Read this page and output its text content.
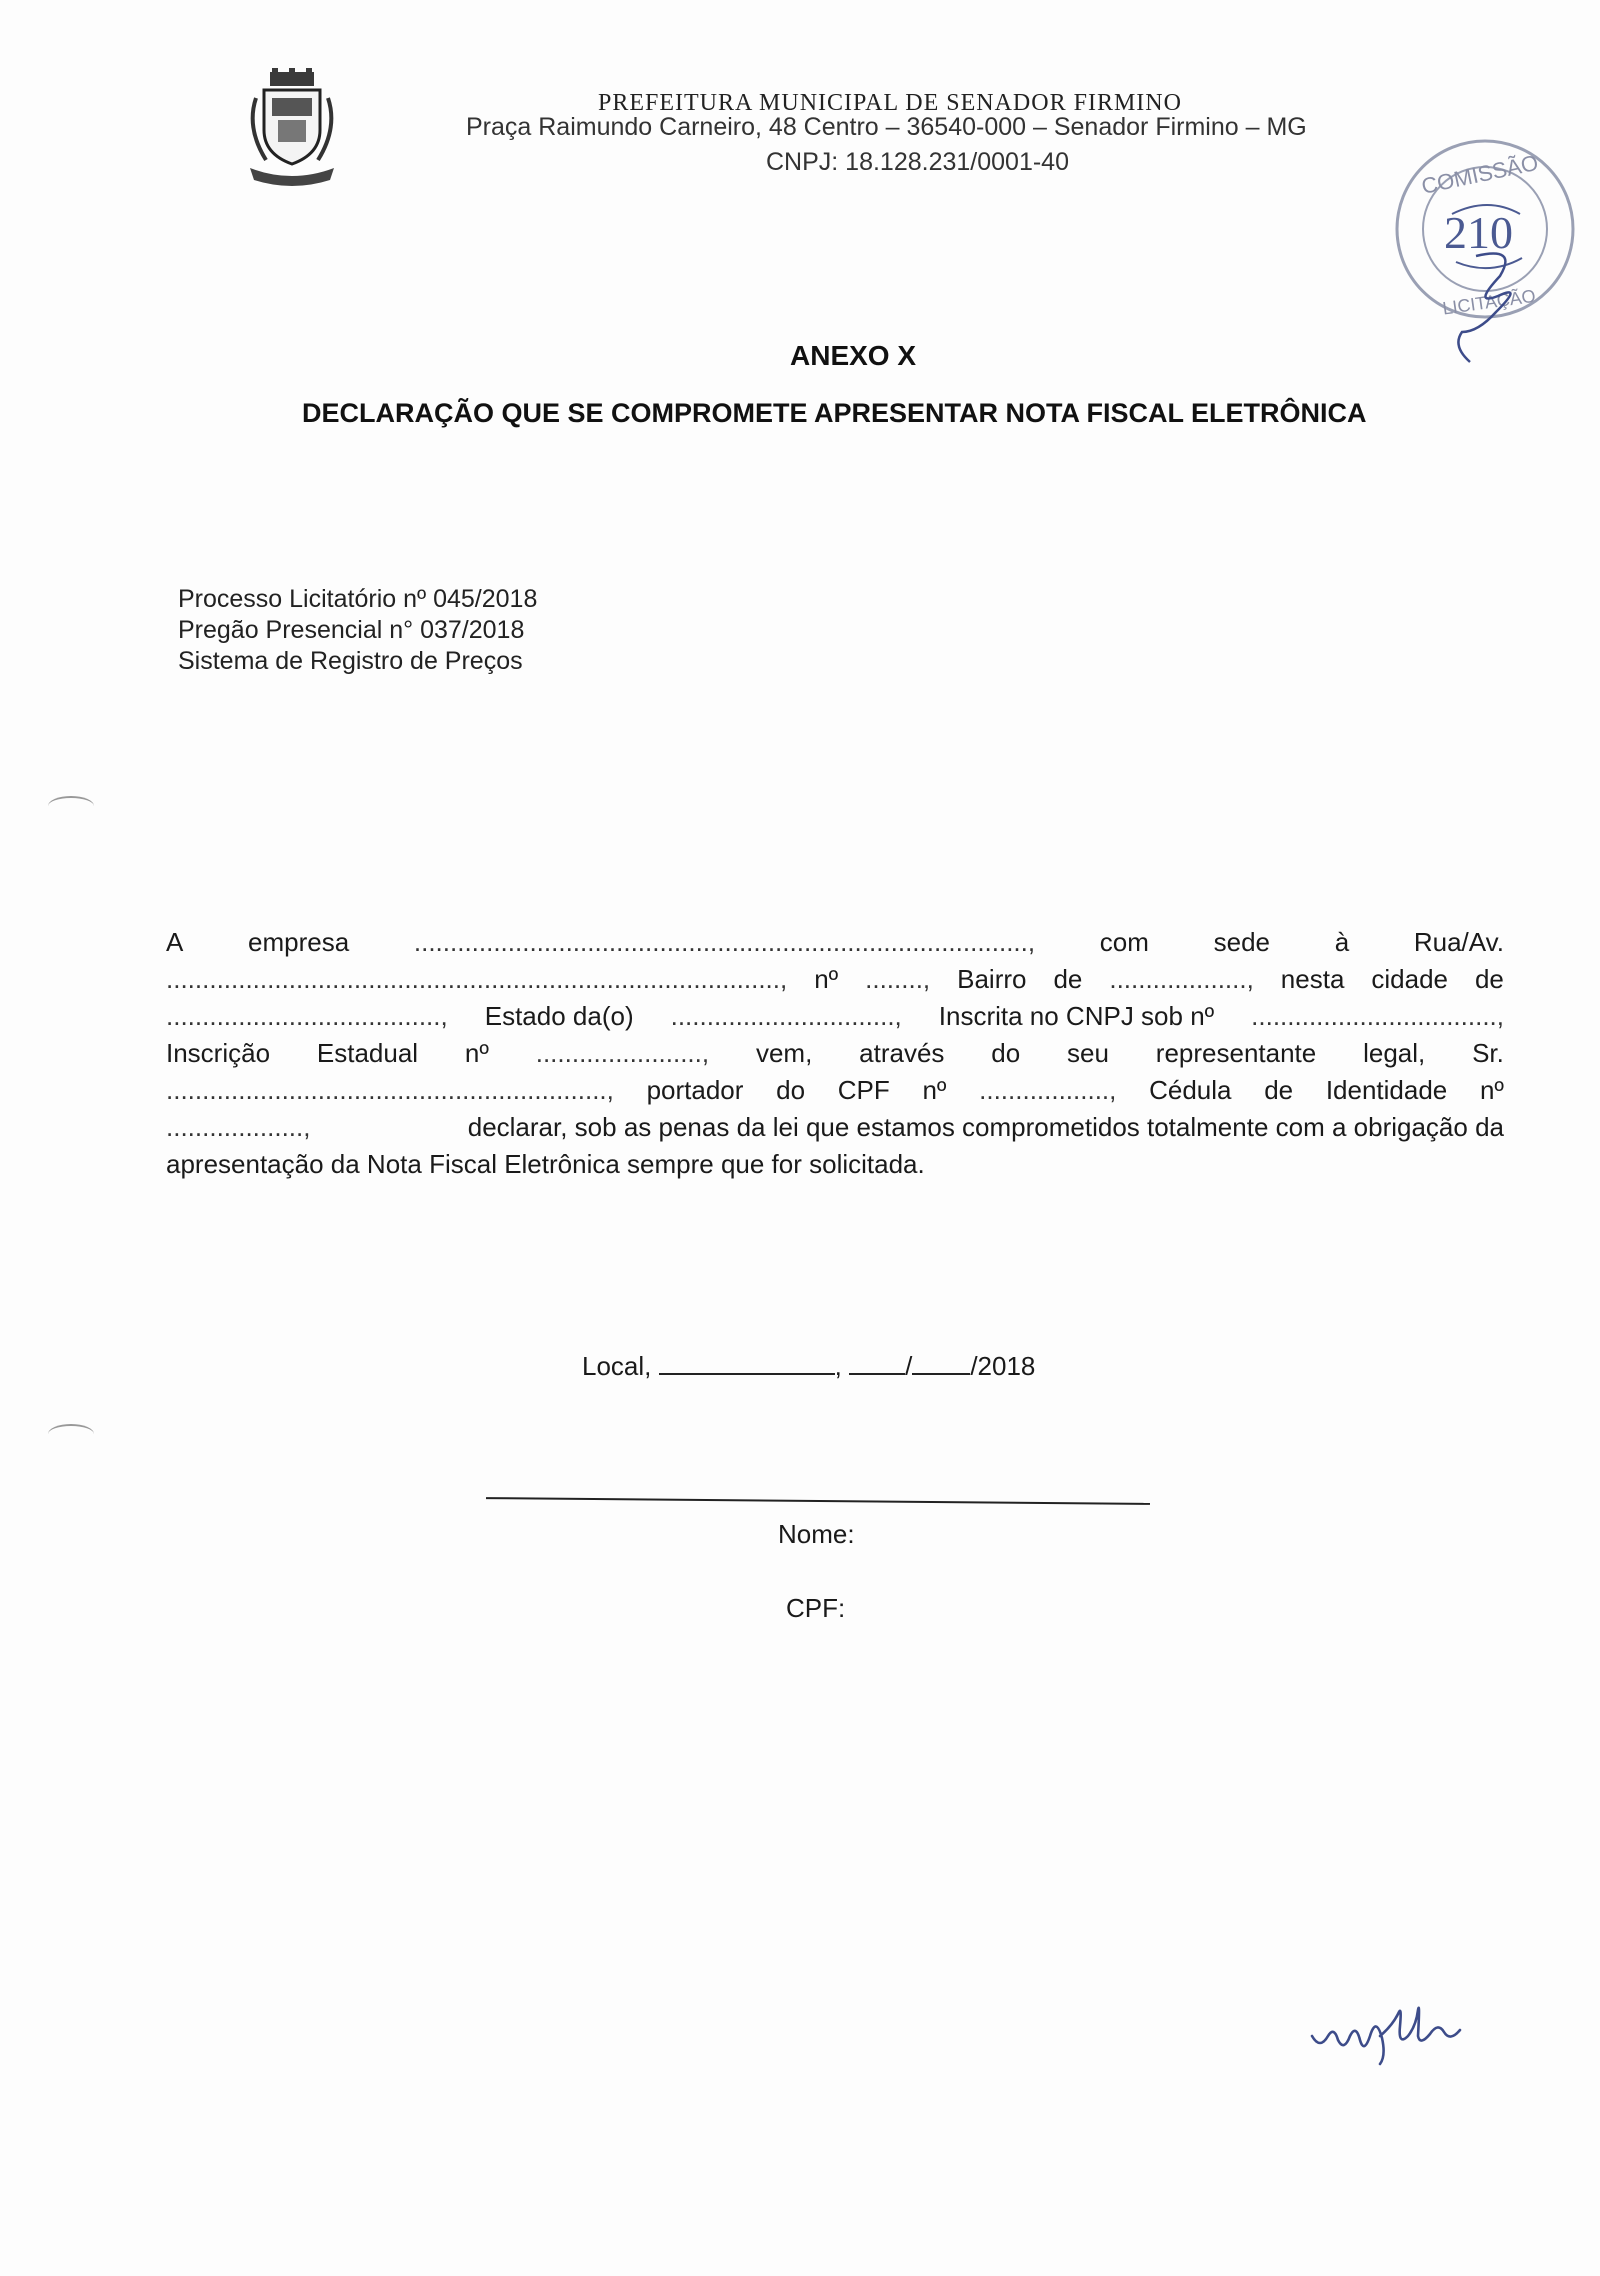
PREFEITURA MUNICIPAL DE SENADOR FIRMINO
Praça Raimundo Carneiro, 48 Centro – 36540-000 – Senador Firmino – MG
CNPJ: 18.128.231/0001-40	COMISSÃO
LICITAÇÃO
210
ANEXO X
DECLARAÇÃO QUE SE COMPROMETE APRESENTAR NOTA FISCAL ELETRÔNICA
Processo Licitatório nº 045/2018
Pregão Presencial n° 037/2018
Sistema de Registro de Preços
A empresa ....................................................................................., com sede à Rua/Av.
....................................................................................., nº ........, Bairro de ..................., nesta cidade de
......................................, Estado da(o) ..............................., Inscrita no CNPJ sob nº ..................................,
Inscrição Estadual nº ......................., vem, através do seu representante legal, Sr.
............................................................., portador do CPF nº .................., Cédula de Identidade nº
...................,	declarar, sob as penas da lei que estamos comprometidos totalmente com a obrigação da
apresentação da Nota Fiscal Eletrônica sempre que for solicitada.
Local,	, / /2018
Nome:
CPF:
